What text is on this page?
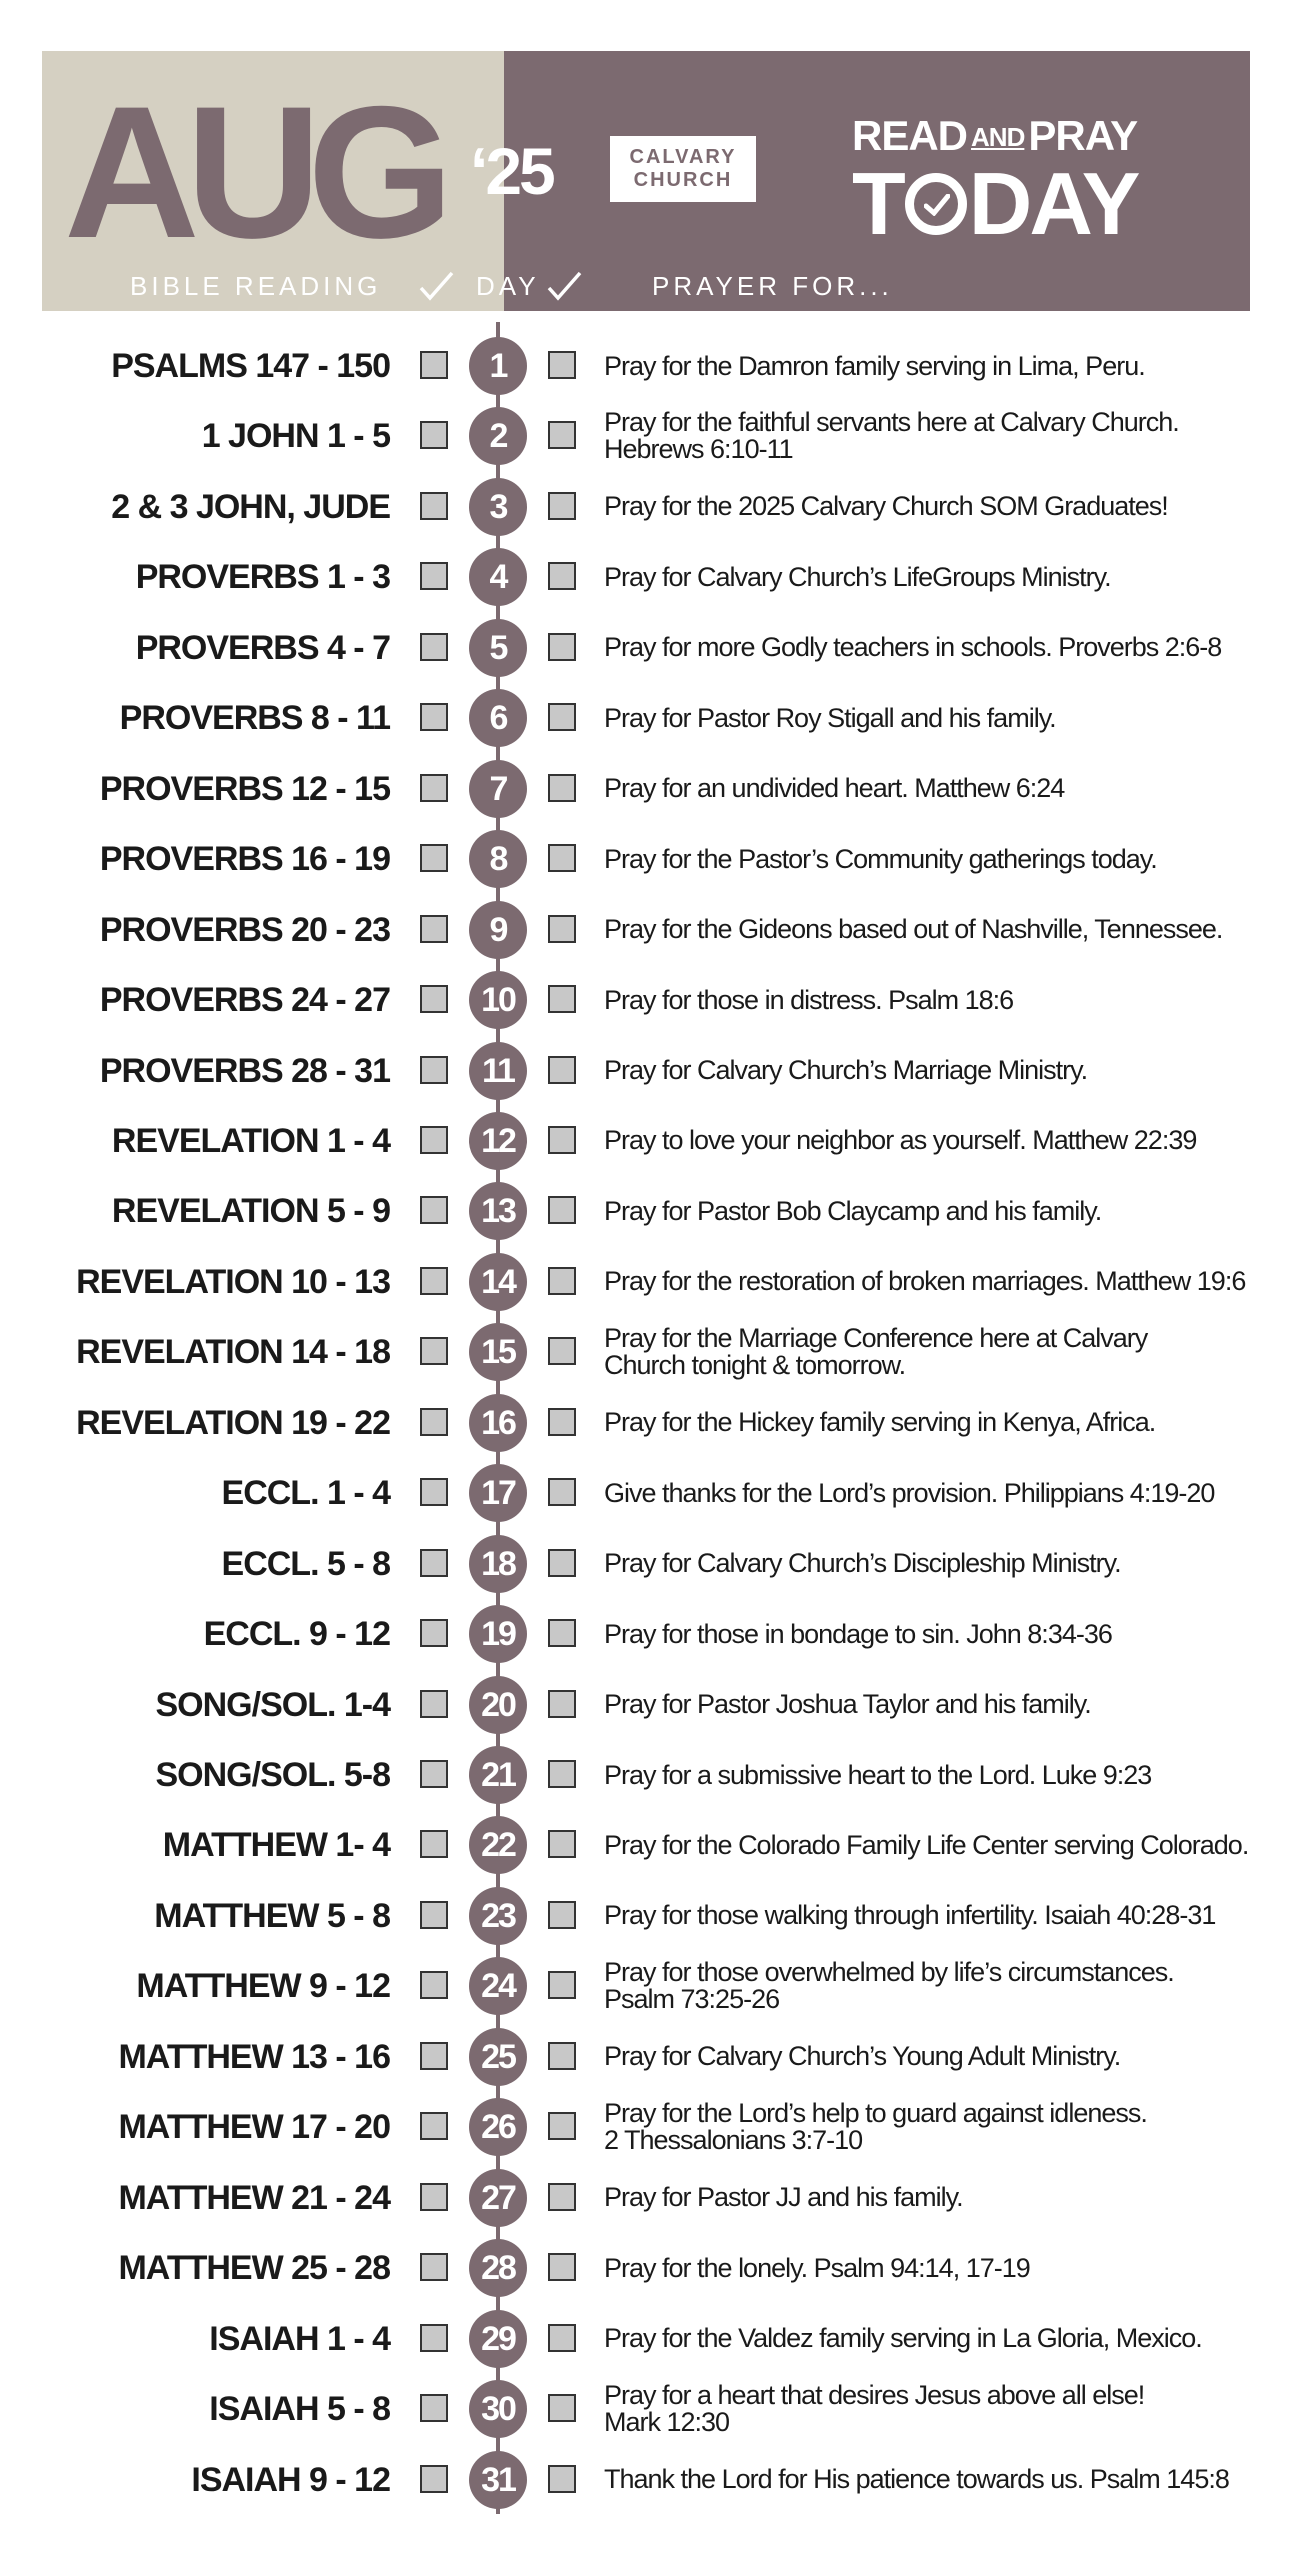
AUG ‘25	CALVARY
CHURCH
READ ANDPRAY
T DAY
BIBLE READING	DAY	PRAYER FOR...
PSALMS 147 - 150	1	Pray for the Damron family serving in Lima, Peru.
1 JOHN 1 - 5	2	Pray for the faithful servants here at Calvary Church.
Hebrews 6:10-11
2 & 3 JOHN, JUDE	3	Pray for the 2025 Calvary Church SOM Graduates!
PROVERBS 1 - 3	4	Pray for Calvary Church’s LifeGroups Ministry.
PROVERBS 4 - 7	5	Pray for more Godly teachers in schools. Proverbs 2:6-8
PROVERBS 8 - 11	6	Pray for Pastor Roy Stigall and his family.
PROVERBS 12 - 15	7	Pray for an undivided heart. Matthew 6:24
PROVERBS 16 - 19	8	Pray for the Pastor’s Community gatherings today.
PROVERBS 20 - 23	9	Pray for the Gideons based out of Nashville, Tennessee.
PROVERBS 24 - 27	10	Pray for those in distress. Psalm 18:6
PROVERBS 28 - 31	11	Pray for Calvary Church’s Marriage Ministry.
REVELATION 1 - 4	12	Pray to love your neighbor as yourself. Matthew 22:39
REVELATION 5 - 9	13	Pray for Pastor Bob Claycamp and his family.
REVELATION 10 - 13	14	Pray for the restoration of broken marriages. Matthew 19:6
REVELATION 14 - 18	15	Pray for the Marriage Conference here at Calvary
Church tonight & tomorrow.
REVELATION 19 - 22	16	Pray for the Hickey family serving in Kenya, Africa.
ECCL. 1 - 4	17	Give thanks for the Lord’s provision. Philippians 4:19-20
ECCL. 5 - 8	18	Pray for Calvary Church’s Discipleship Ministry.
ECCL. 9 - 12	19	Pray for those in bondage to sin. John 8:34-36
SONG/SOL. 1-4	20	Pray for Pastor Joshua Taylor and his family.
SONG/SOL. 5-8	21	Pray for a submissive heart to the Lord. Luke 9:23
MATTHEW 1- 4	22	Pray for the Colorado Family Life Center serving Colorado.
MATTHEW 5 - 8	23	Pray for those walking through infertility. Isaiah 40:28-31
MATTHEW 9 - 12	24	Pray for those overwhelmed by life’s circumstances.
Psalm 73:25-26
MATTHEW 13 - 16	25	Pray for Calvary Church’s Young Adult Ministry.
MATTHEW 17 - 20	26	Pray for the Lord’s help to guard against idleness.
2 Thessalonians 3:7-10
MATTHEW 21 - 24	27	Pray for Pastor JJ and his family.
MATTHEW 25 - 28	28	Pray for the lonely. Psalm 94:14, 17-19
ISAIAH 1 - 4	29	Pray for the Valdez family serving in La Gloria, Mexico.
ISAIAH 5 - 8	30	Pray for a heart that desires Jesus above all else!
Mark 12:30
ISAIAH 9 - 12	31	Thank the Lord for His patience towards us. Psalm 145:8
